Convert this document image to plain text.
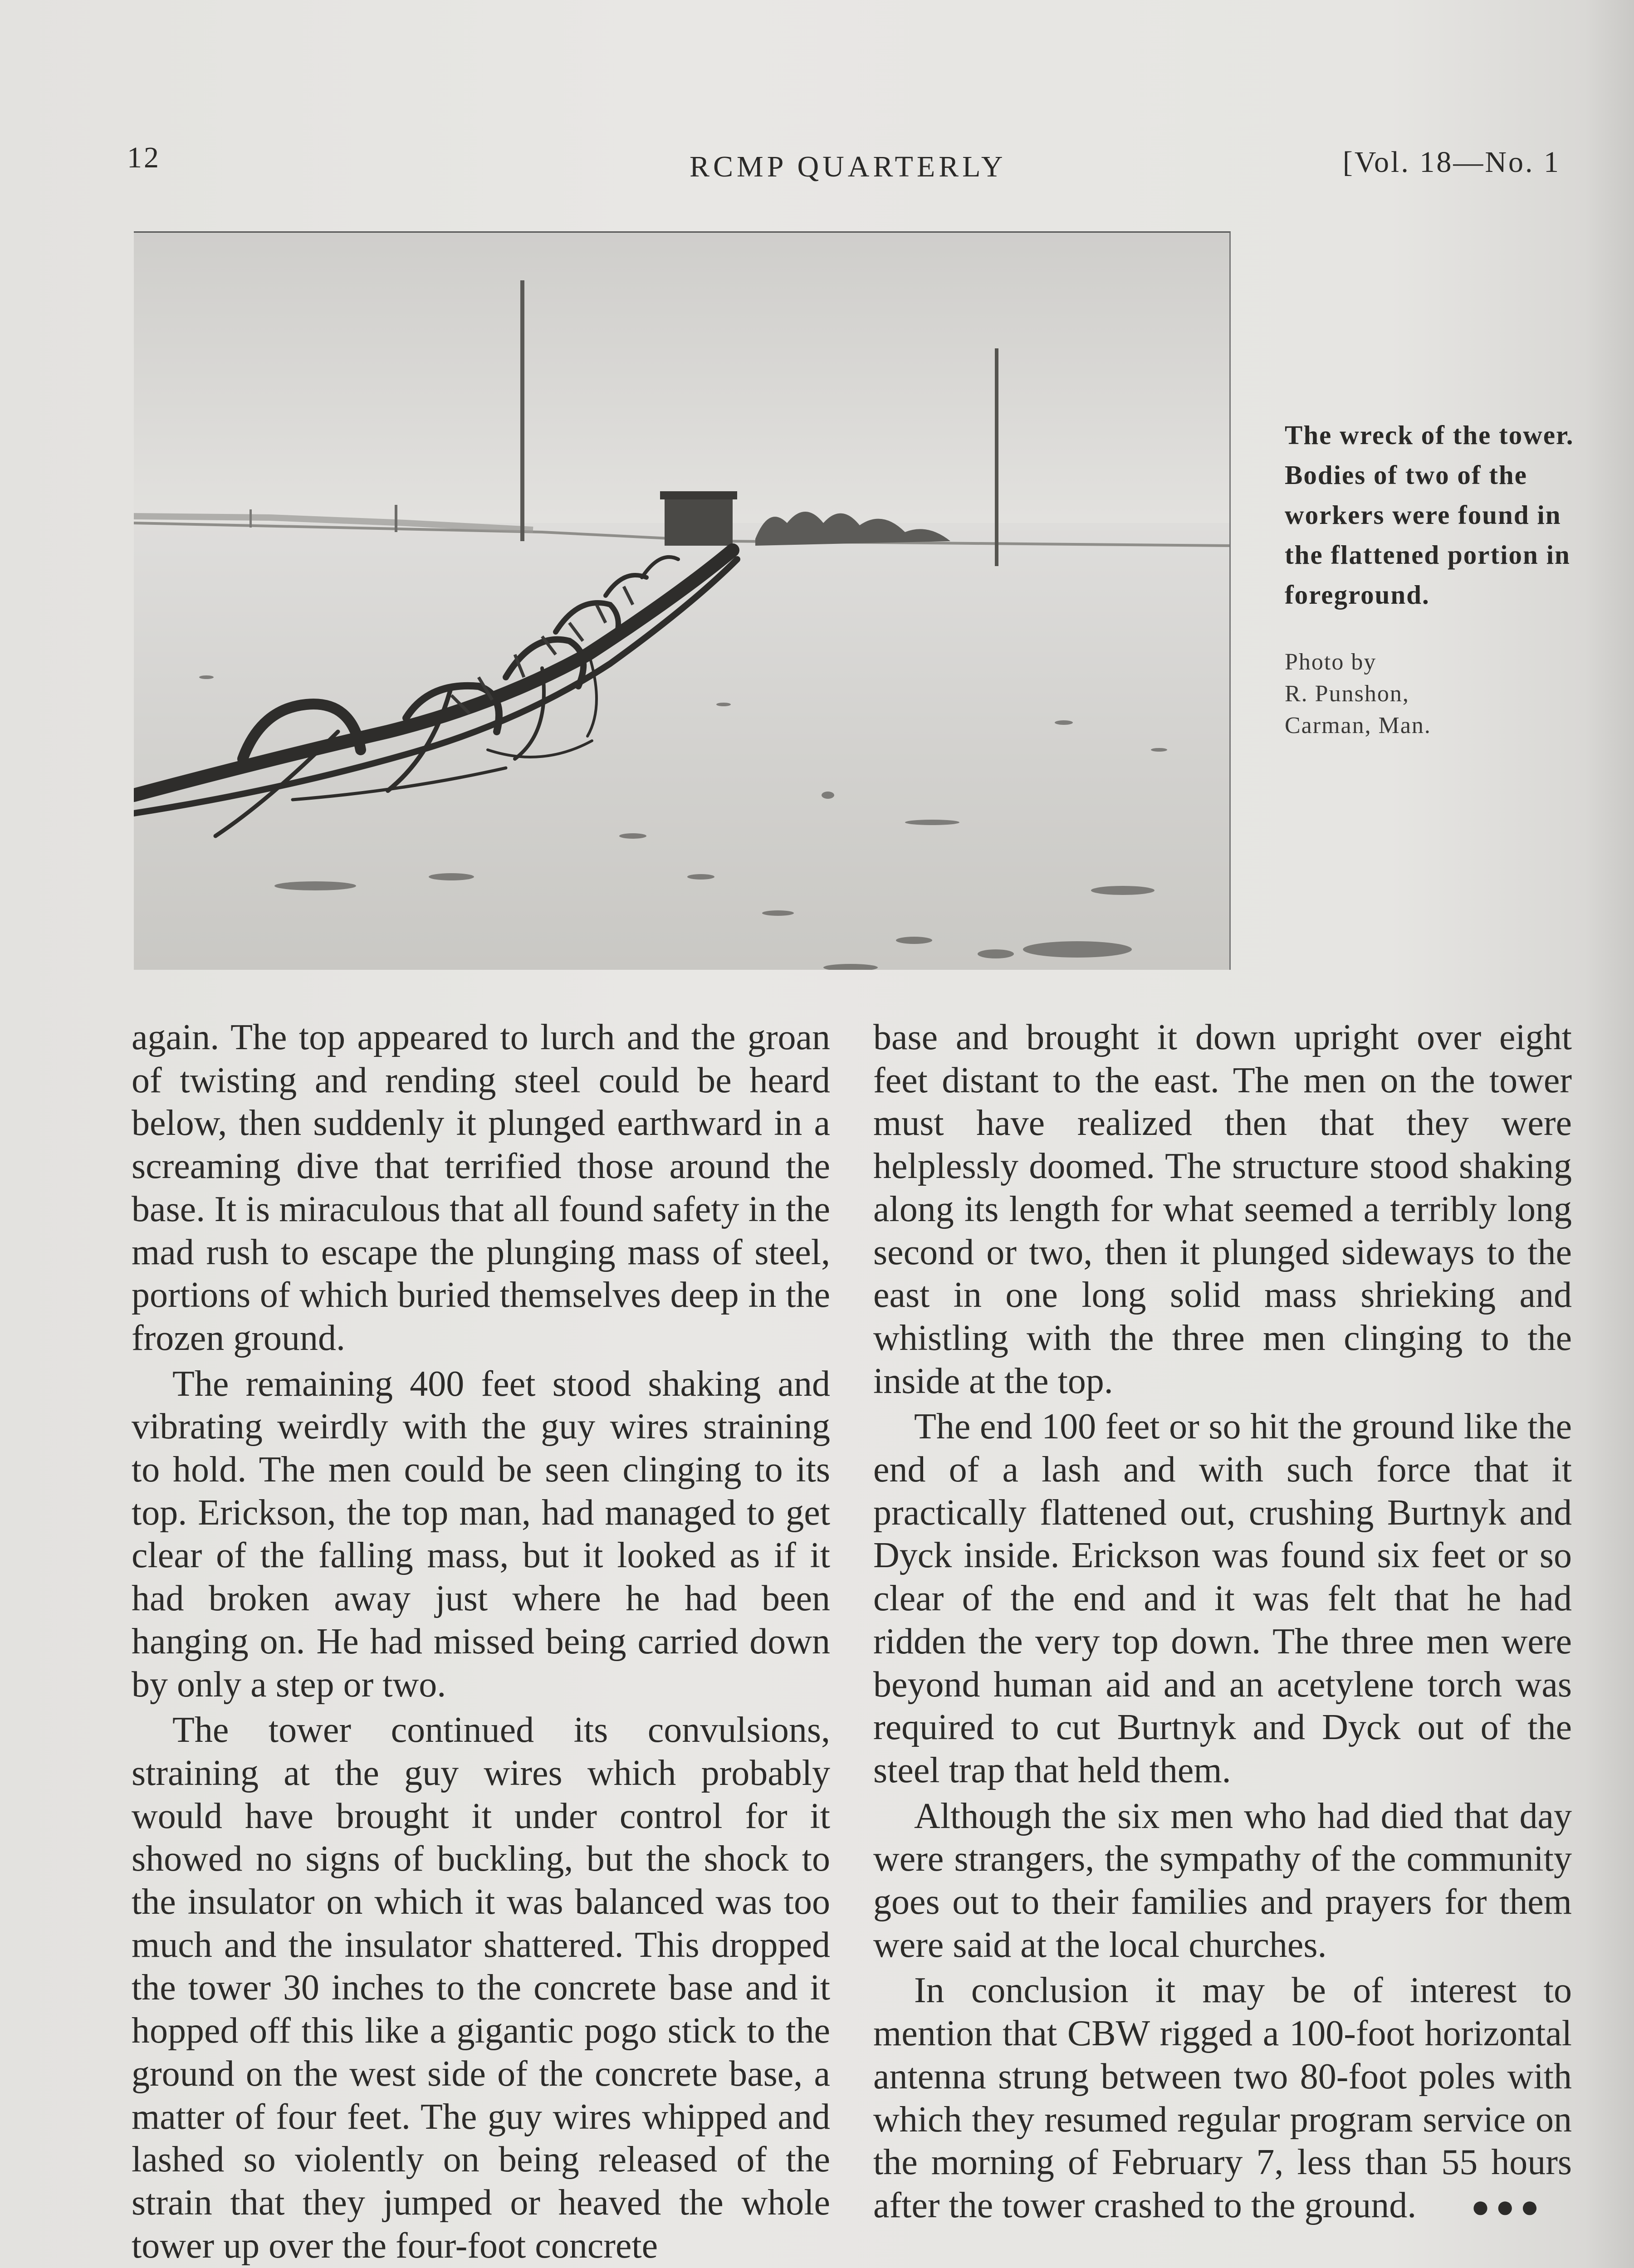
12	RCMP QUARTERLY	[Vol. 18—No. 1
The wreck of the tower. Bodies of two of the workers were found in the flattened portion in foreground.
Photo by
R. Punshon,
Carman, Man.

again. The top appeared to lurch and the groan of twisting and rending steel could be heard below, then suddenly it plunged earthward in a screaming dive that terrified those around the base. It is miraculous that all found safety in the mad rush to escape the plunging mass of steel, portions of which buried themselves deep in the frozen ground.

The remaining 400 feet stood shaking and vibrating weirdly with the guy wires straining to hold. The men could be seen clinging to its top. Erickson, the top man, had managed to get clear of the falling mass, but it looked as if it had broken away just where he had been hanging on. He had missed being carried down by only a step or two.

The tower continued its convulsions, straining at the guy wires which probably would have brought it under control for it showed no signs of buckling, but the shock to the insulator on which it was balanced was too much and the insulator shattered. This dropped the tower 30 inches to the concrete base and it hopped off this like a gigantic pogo stick to the ground on the west side of the concrete base, a matter of four feet. The guy wires whipped and lashed so violently on being released of the strain that they jumped or heaved the whole tower up over the four-foot concrete

base and brought it down upright over eight feet distant to the east. The men on the tower must have realized then that they were helplessly doomed. The structure stood shaking along its length for what seemed a terribly long second or two, then it plunged sideways to the east in one long solid mass shrieking and whistling with the three men clinging to the inside at the top.

The end 100 feet or so hit the ground like the end of a lash and with such force that it practically flattened out, crushing Burtnyk and Dyck inside. Erickson was found six feet or so clear of the end and it was felt that he had ridden the very top down. The three men were beyond human aid and an acetylene torch was required to cut Burtnyk and Dyck out of the steel trap that held them.

Although the six men who had died that day were strangers, the sympathy of the community goes out to their families and prayers for them were said at the local churches.

In conclusion it may be of interest to mention that CBW rigged a 100-foot horizontal antenna strung between two 80-foot poles with which they resumed regular program service on the morning of February 7, less than 55 hours after the tower crashed to the ground. ●●●
